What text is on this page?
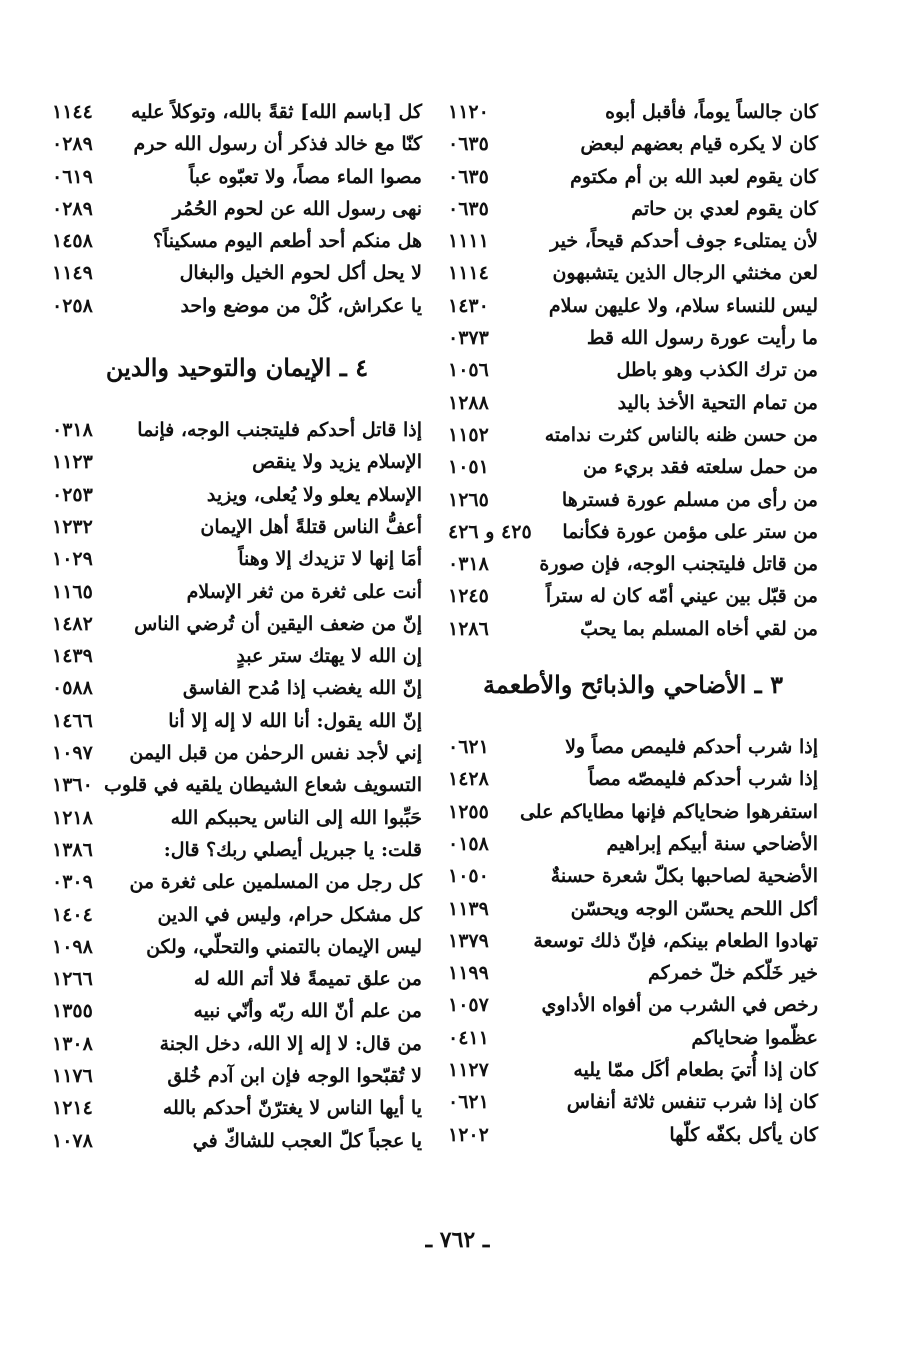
كان جالساً يوماً، فأقبل أبوه
١١٢٠
كان لا يكره قيام بعضهم لبعض
٠٦٣٥
كان يقوم لعبد الله بن أم مكتوم
٠٦٣٥
كان يقوم لعدي بن حاتم
٠٦٣٥
لأن يمتلىء جوف أحدكم قيحاً، خير
١١١١
لعن مخنثي الرجال الذين يتشبهون
١١١٤
ليس للنساء سلام، ولا عليهن سلام
١٤٣٠
ما رأيت عورة رسول الله قط
٠٣٧٣
من ترك الكذب وهو باطل
١٠٥٦
من تمام التحية الأخذ باليد
١٢٨٨
من حسن ظنه بالناس كثرت ندامته
١١٥٢
من حمل سلعته فقد بريء من
١٠٥١
من رأى من مسلم عورة فسترها
١٢٦٥
من ستر على مؤمن عورة فكأنما
٤٢٥ و ٤٢٦
من قاتل فليتجنب الوجه، فإن صورة
٠٣١٨
من قبّل بين عيني أمّه كان له ستراً
١٢٤٥
من لقي أخاه المسلم بما يحبّ
١٢٨٦
٣ ـ الأضاحي والذبائح والأطعمة
إذا شرب أحدكم فليمص مصاً ولا
٠٦٢١
إذا شرب أحدكم فليمصّه مصاً
١٤٢٨
استفرهوا ضحاياكم فإنها مطاياكم على
١٢٥٥
الأضاحي سنة أبيكم إبراهيم
٠١٥٨
الأضحية لصاحبها بكلّ شعرة حسنةٌ
١٠٥٠
أكل اللحم يحسّن الوجه ويحسّن
١١٣٩
تهادوا الطعام بينكم، فإنّ ذلك توسعة
١٣٧٩
خير خَلّكم خلّ خمركم
١١٩٩
رخص في الشرب من أفواه الأداوي
١٠٥٧
عظّموا ضحاياكم
٠٤١١
كان إذا أُتيَ بطعام أكَل ممّا يليه
١١٢٧
كان إذا شرب تنفس ثلاثة أنفاس
٠٦٢١
كان يأكل بكفّه كلّها
١٢٠٢
كل [باسم الله] ثقةً بالله، وتوكلاً عليه
١١٤٤
كنّا مع خالد فذكر أن رسول الله حرم
٠٢٨٩
مصوا الماء مصاً، ولا تعبّوه عباً
٠٦١٩
نهى رسول الله عن لحوم الحُمُر
٠٢٨٩
هل منكم أحد أطعم اليوم مسكيناً؟
١٤٥٨
لا يحل أكل لحوم الخيل والبغال
١١٤٩
يا عكراش، كُلْ من موضع واحد
٠٢٥٨
٤ ـ الإيمان والتوحيد والدين
إذا قاتل أحدكم فليتجنب الوجه، فإنما
٠٣١٨
الإسلام يزيد ولا ينقص
١١٢٣
الإسلام يعلو ولا يُعلى، ويزيد
٠٢٥٣
أعفُّ الناس قتلةً أهل الإيمان
١٢٣٢
أمَا إنها لا تزيدك إلا وهناً
١٠٢٩
أنت على ثغرة من ثغر الإسلام
١١٦٥
إنّ من ضعف اليقين أن تُرضي الناس
١٤٨٢
إن الله لا يهتك ستر عبدٍ
١٤٣٩
إنّ الله يغضب إذا مُدح الفاسق
٠٥٨٨
إنّ الله يقول: أنا الله لا إله إلا أنا
١٤٦٦
إني لأجد نفس الرحمٰن من قبل اليمن
١٠٩٧
التسويف شعاع الشيطان يلقيه في قلوب
١٣٦٠
حَبِّبوا الله إلى الناس يحببكم الله
١٢١٨
قلت: يا جبريل أيصلي ربك؟ قال:
١٣٨٦
كل رجل من المسلمين على ثغرة من
٠٣٠٩
كل مشكل حرام، وليس في الدين
١٤٠٤
ليس الإيمان بالتمني والتحلّي، ولكن
١٠٩٨
من علق تميمةً فلا أتم الله له
١٢٦٦
من علم أنّ الله ربّه وأنّي نبيه
١٣٥٥
من قال: لا إله إلا الله، دخل الجنة
١٣٠٨
لا تُقبّحوا الوجه فإن ابن آدم خُلق
١١٧٦
يا أيها الناس لا يغترّنّ أحدكم بالله
١٢١٤
يا عجباً كلّ العجب للشاكّ في
١٠٧٨
ـ ٧٦٢ ـ
